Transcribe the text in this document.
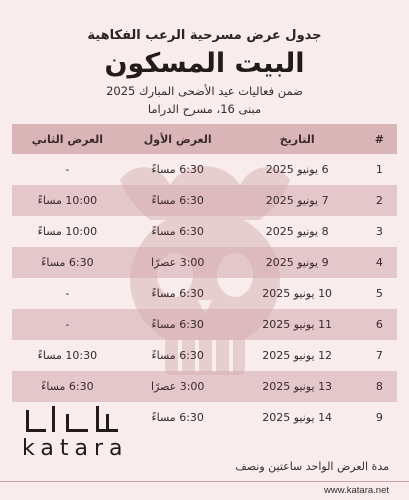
جدول عرض مسرحية الرعب الفكاهية
البيت المسكون
ضمن فعاليات عيد الأضحى المبارك 2025
مبنى 16، مسرح الدراما
#	التاريخ	العرض الأول	العرض الثاني
1	6 يونيو 2025	6:30 مساءً	-
2	7 يونيو 2025	6:30 مساءً	10:00 مساءً
3	8 يونيو 2025	6:30 مساءً	10:00 مساءً
4	9 يونيو 2025	3:00 عصرًا	6:30 مساءً
5	10 يونيو 2025	6:30 مساءً	-
6	11 يونيو 2025	6:30 مساءً	-
7	12 يونيو 2025	6:30 مساءً	10:30 مساءً
8	13 يونيو 2025	3:00 عصرًا	6:30 مساءً
9	14 يونيو 2025	6:30 مساءً	
katara
مدة العرض الواحد ساعتين ونصف
www.katara.net
